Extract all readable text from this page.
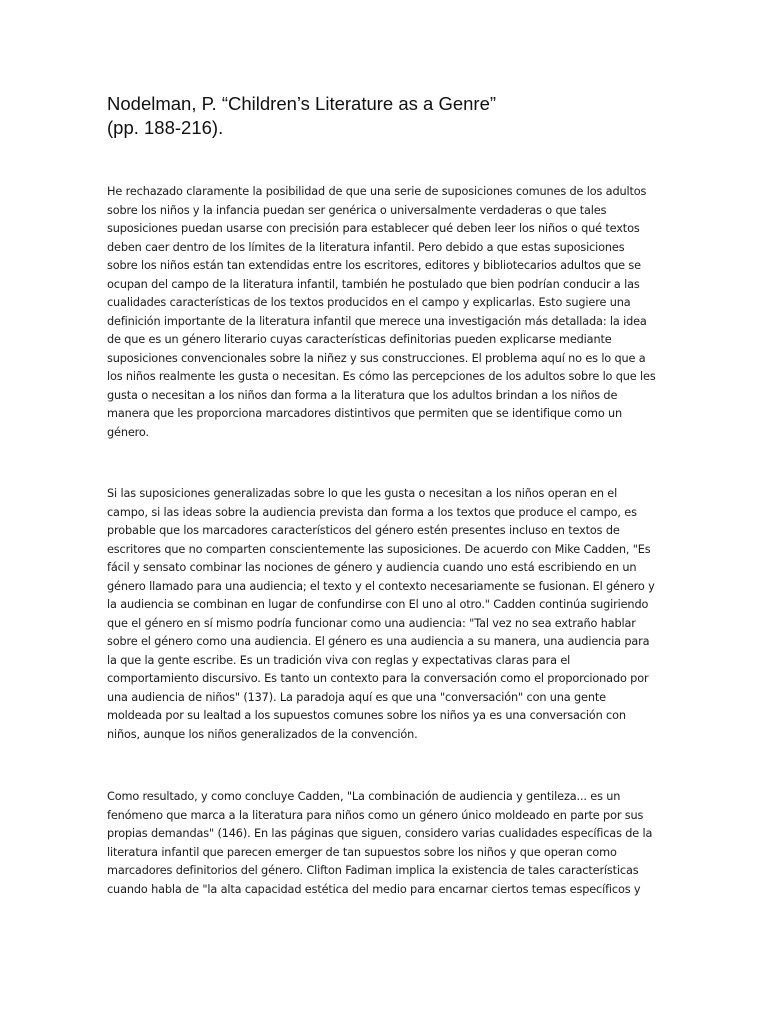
Nodelman, P. “Children’s Literature as a Genre”
(pp. 188-216).

He rechazado claramente la posibilidad de que una serie de suposiciones comunes de los adultos
sobre los niños y la infancia puedan ser genérica o universalmente verdaderas o que tales
suposiciones puedan usarse con precisión para establecer qué deben leer los niños o qué textos
deben caer dentro de los límites de la literatura infantil. Pero debido a que estas suposiciones
sobre los niños están tan extendidas entre los escritores, editores y bibliotecarios adultos que se
ocupan del campo de la literatura infantil, también he postulado que bien podrían conducir a las
cualidades características de los textos producidos en el campo y explicarlas. Esto sugiere una
definición importante de la literatura infantil que merece una investigación más detallada: la idea
de que es un género literario cuyas características definitorias pueden explicarse mediante
suposiciones convencionales sobre la niñez y sus construcciones. El problema aquí no es lo que a
los niños realmente les gusta o necesitan. Es cómo las percepciones de los adultos sobre lo que les
gusta o necesitan a los niños dan forma a la literatura que los adultos brindan a los niños de
manera que les proporciona marcadores distintivos que permiten que se identifique como un
género.

Si las suposiciones generalizadas sobre lo que les gusta o necesitan a los niños operan en el
campo, si las ideas sobre la audiencia prevista dan forma a los textos que produce el campo, es
probable que los marcadores característicos del género estén presentes incluso en textos de
escritores que no comparten conscientemente las suposiciones. De acuerdo con Mike Cadden, "Es
fácil y sensato combinar las nociones de género y audiencia cuando uno está escribiendo en un
género llamado para una audiencia; el texto y el contexto necesariamente se fusionan. El género y
la audiencia se combinan en lugar de confundirse con El uno al otro." Cadden continúa sugiriendo
que el género en sí mismo podría funcionar como una audiencia: "Tal vez no sea extraño hablar
sobre el género como una audiencia. El género es una audiencia a su manera, una audiencia para
la que la gente escribe. Es un tradición viva con reglas y expectativas claras para el
comportamiento discursivo. Es tanto un contexto para la conversación como el proporcionado por
una audiencia de niños" (137). La paradoja aquí es que una "conversación" con una gente
moldeada por su lealtad a los supuestos comunes sobre los niños ya es una conversación con
niños, aunque los niños generalizados de la convención.

Como resultado, y como concluye Cadden, "La combinación de audiencia y gentileza... es un
fenómeno que marca a la literatura para niños como un género único moldeado en parte por sus
propias demandas" (146). En las páginas que siguen, considero varias cualidades específicas de la
literatura infantil que parecen emerger de tan supuestos sobre los niños y que operan como
marcadores definitorios del género. Clifton Fadiman implica la existencia de tales características
cuando habla de "la alta capacidad estética del medio para encarnar ciertos temas específicos y
